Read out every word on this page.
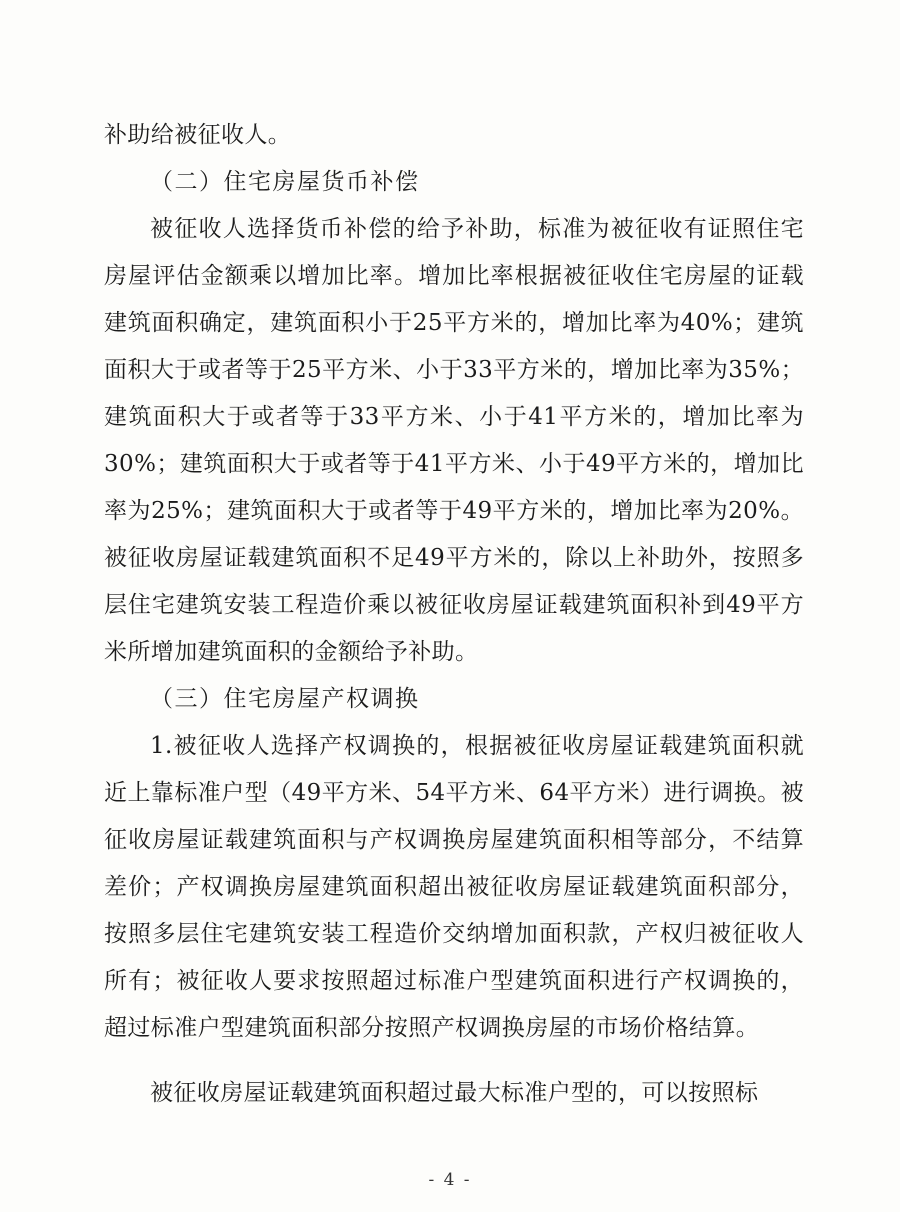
补助给被征收人。

（二）住宅房屋货币补偿

被征收人选择货币补偿的给予补助，标准为被征收有证照住宅房屋评估金额乘以增加比率。增加比率根据被征收住宅房屋的证载建筑面积确定，建筑面积小于25平方米的，增加比率为40%；建筑面积大于或者等于25平方米、小于33平方米的，增加比率为35%；建筑面积大于或者等于33平方米、小于41平方米的，增加比率为30%；建筑面积大于或者等于41平方米、小于49平方米的，增加比率为25%；建筑面积大于或者等于49平方米的，增加比率为20%。被征收房屋证载建筑面积不足49平方米的，除以上补助外，按照多层住宅建筑安装工程造价乘以被征收房屋证载建筑面积补到49平方米所增加建筑面积的金额给予补助。

（三）住宅房屋产权调换

1.被征收人选择产权调换的，根据被征收房屋证载建筑面积就近上靠标准户型（49平方米、54平方米、64平方米）进行调换。被征收房屋证载建筑面积与产权调换房屋建筑面积相等部分，不结算差价；产权调换房屋建筑面积超出被征收房屋证载建筑面积部分，按照多层住宅建筑安装工程造价交纳增加面积款，产权归被征收人所有；被征收人要求按照超过标准户型建筑面积进行产权调换的，超过标准户型建筑面积部分按照产权调换房屋的市场价格结算。

被征收房屋证载建筑面积超过最大标准户型的，可以按照标

- 4 -
